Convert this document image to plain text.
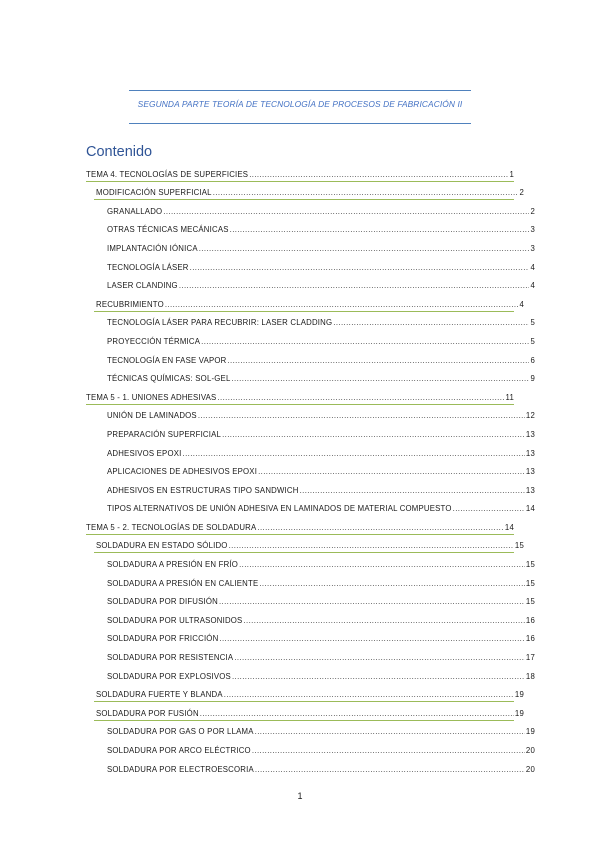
SEGUNDA PARTE TEORÍA DE TECNOLOGÍA DE PROCESOS DE FABRICACIÓN II
Contenido
TEMA 4. TECNOLOGÍAS DE SUPERFICIES .....	1
MODIFICACIÓN SUPERFICIAL .....	2
GRANALLADO .....	2
OTRAS TÉCNICAS MECÁNICAS .....	3
IMPLANTACIÓN IÓNICA .....	3
TECNOLOGÍA LÁSER .....	4
LASER CLANDING .....	4
RECUBRIMIENTO .....	4
TECNOLOGÍA LÁSER PARA RECUBRIR: LASER CLADDING .....	5
PROYECCIÓN TÉRMICA .....	5
TECNOLOGÍA EN FASE VAPOR .....	6
TÉCNICAS QUÍMICAS: SOL-GEL .....	9
TEMA 5 - 1. UNIONES ADHESIVAS .....	11
UNIÓN DE LAMINADOS .....	12
PREPARACIÓN SUPERFICIAL .....	13
ADHESIVOS EPOXI .....	13
APLICACIONES DE ADHESIVOS EPOXI .....	13
ADHESIVOS EN ESTRUCTURAS TIPO SANDWICH .....	13
TIPOS ALTERNATIVOS DE UNIÓN ADHESIVA EN LAMINADOS DE MATERIAL COMPUESTO .....	14
TEMA 5 - 2. TECNOLOGÍAS DE SOLDADURA .....	14
SOLDADURA EN ESTADO SÓLIDO .....	15
SOLDADURA A PRESIÓN EN FRÍO .....	15
SOLDADURA A PRESIÓN EN CALIENTE .....	15
SOLDADURA POR DIFUSIÓN .....	15
SOLDADURA POR ULTRASONIDOS .....	16
SOLDADURA POR FRICCIÓN .....	16
SOLDADURA POR RESISTENCIA .....	17
SOLDADURA POR EXPLOSIVOS .....	18
SOLDADURA FUERTE Y BLANDA .....	19
SOLDADURA POR FUSIÓN .....	19
SOLDADURA POR GAS O POR LLAMA .....	19
SOLDADURA POR ARCO ELÉCTRICO .....	20
SOLDADURA POR ELECTROESCORIA .....	20
1
